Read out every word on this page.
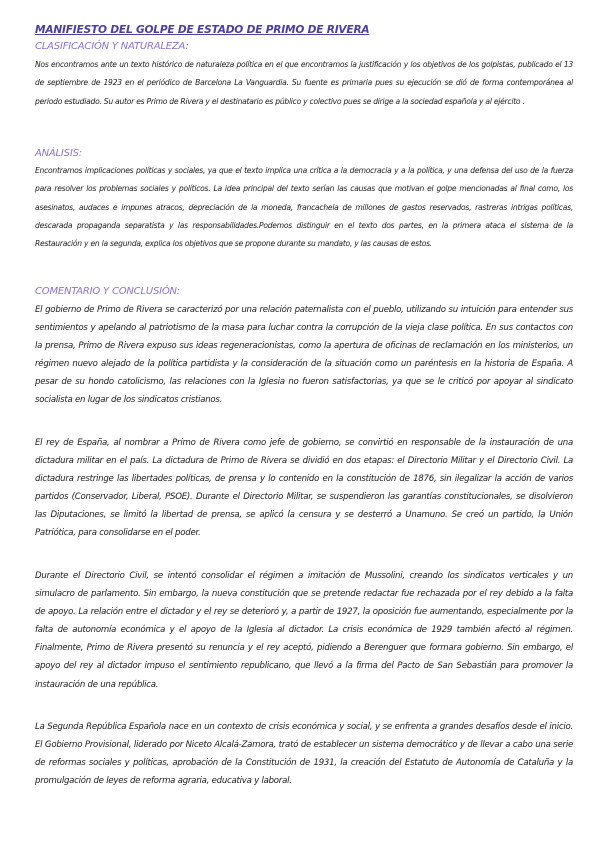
MANIFIESTO DEL GOLPE DE ESTADO DE PRIMO DE RIVERA
CLASIFICACIÓN Y NATURALEZA:
Nos encontramos ante un texto histórico de naturaleza política en el que encontramos la justificación y los objetivos de los golpistas, publicado el 13 de septiembre de 1923 en el periódico de Barcelona La Vanguardia. Su fuente es primaria pues su ejecución se dió de forma contemporánea al periodo estudiado. Su autor es Primo de Rivera y el destinatario es público y colectivo pues se dirige a la sociedad española y al ejército .
ANÁLISIS:
Encontramos implicaciones políticas y sociales, ya que el texto implica una crítica a la democracia y a la política, y una defensa del uso de la fuerza para resolver los problemas sociales y políticos. La idea principal del texto serían las causas que motivan el golpe mencionadas al final como, los asesinatos, audaces e impunes atracos, depreciación de la moneda, francachela de millones de gastos reservados, rastreras intrigas políticas, descarada propaganda separatista y las responsabilidades.Podemos distinguir en el texto dos partes, en la primera ataca el sistema de la Restauración y en la segunda, explica los objetivos que se propone durante su mandato, y las causas de estos.
COMENTARIO Y CONCLUSIÓN:
El gobierno de Primo de Rivera se caracterizó por una relación paternalista con el pueblo, utilizando su intuición para entender sus sentimientos y apelando al patriotismo de la masa para luchar contra la corrupción de la vieja clase política. En sus contactos con la prensa, Primo de Rivera expuso sus ideas regeneracionistas, como la apertura de oficinas de reclamación en los ministerios, un régimen nuevo alejado de la política partidista y la consideración de la situación como un paréntesis en la historia de España. A pesar de su hondo catolicismo, las relaciones con la Iglesia no fueron satisfactorias, ya que se le criticó por apoyar al sindicato socialista en lugar de los sindicatos cristianos.
El rey de España, al nombrar a Primo de Rivera como jefe de gobierno, se convirtió en responsable de la instauración de una dictadura militar en el país. La dictadura de Primo de Rivera se dividió en dos etapas: el Directorio Militar y el Directorio Civil. La dictadura restringe las libertades políticas, de prensa y lo contenido en la constitución de 1876, sin ilegalizar la acción de varios partidos (Conservador, Liberal, PSOE). Durante el Directorio Militar, se suspendieron las garantías constitucionales, se disolvieron las Diputaciones, se limitó la libertad de prensa, se aplicó la censura y se desterró a Unamuno. Se creó un partido, la Unión Patriótica, para consolidarse en el poder.
Durante el Directorio Civil, se intentó consolidar el régimen a imitación de Mussolini, creando los sindicatos verticales y un simulacro de parlamento. Sin embargo, la nueva constitución que se pretende redactar fue rechazada por el rey debido a la falta de apoyo. La relación entre el dictador y el rey se deterioró y, a partir de 1927, la oposición fue aumentando, especialmente por la falta de autonomía económica y el apoyo de la Iglesia al dictador. La crisis económica de 1929 también afectó al régimen. Finalmente, Primo de Rivera presentó su renuncia y el rey aceptó, pidiendo a Berenguer que formara gobierno. Sin embargo, el apoyo del rey al dictador impuso el sentimiento republicano, que llevó a la firma del Pacto de San Sebastián para promover la instauración de una república.
La Segunda República Española nace en un contexto de crisis económica y social, y se enfrenta a grandes desafíos desde el inicio. El Gobierno Provisional, liderado por Niceto Alcalá-Zamora, trató de establecer un sistema democrático y de llevar a cabo una serie de reformas sociales y políticas, aprobación de la Constitución de 1931, la creación del Estatuto de Autonomía de Cataluña y la promulgación de leyes de reforma agraria, educativa y laboral.
